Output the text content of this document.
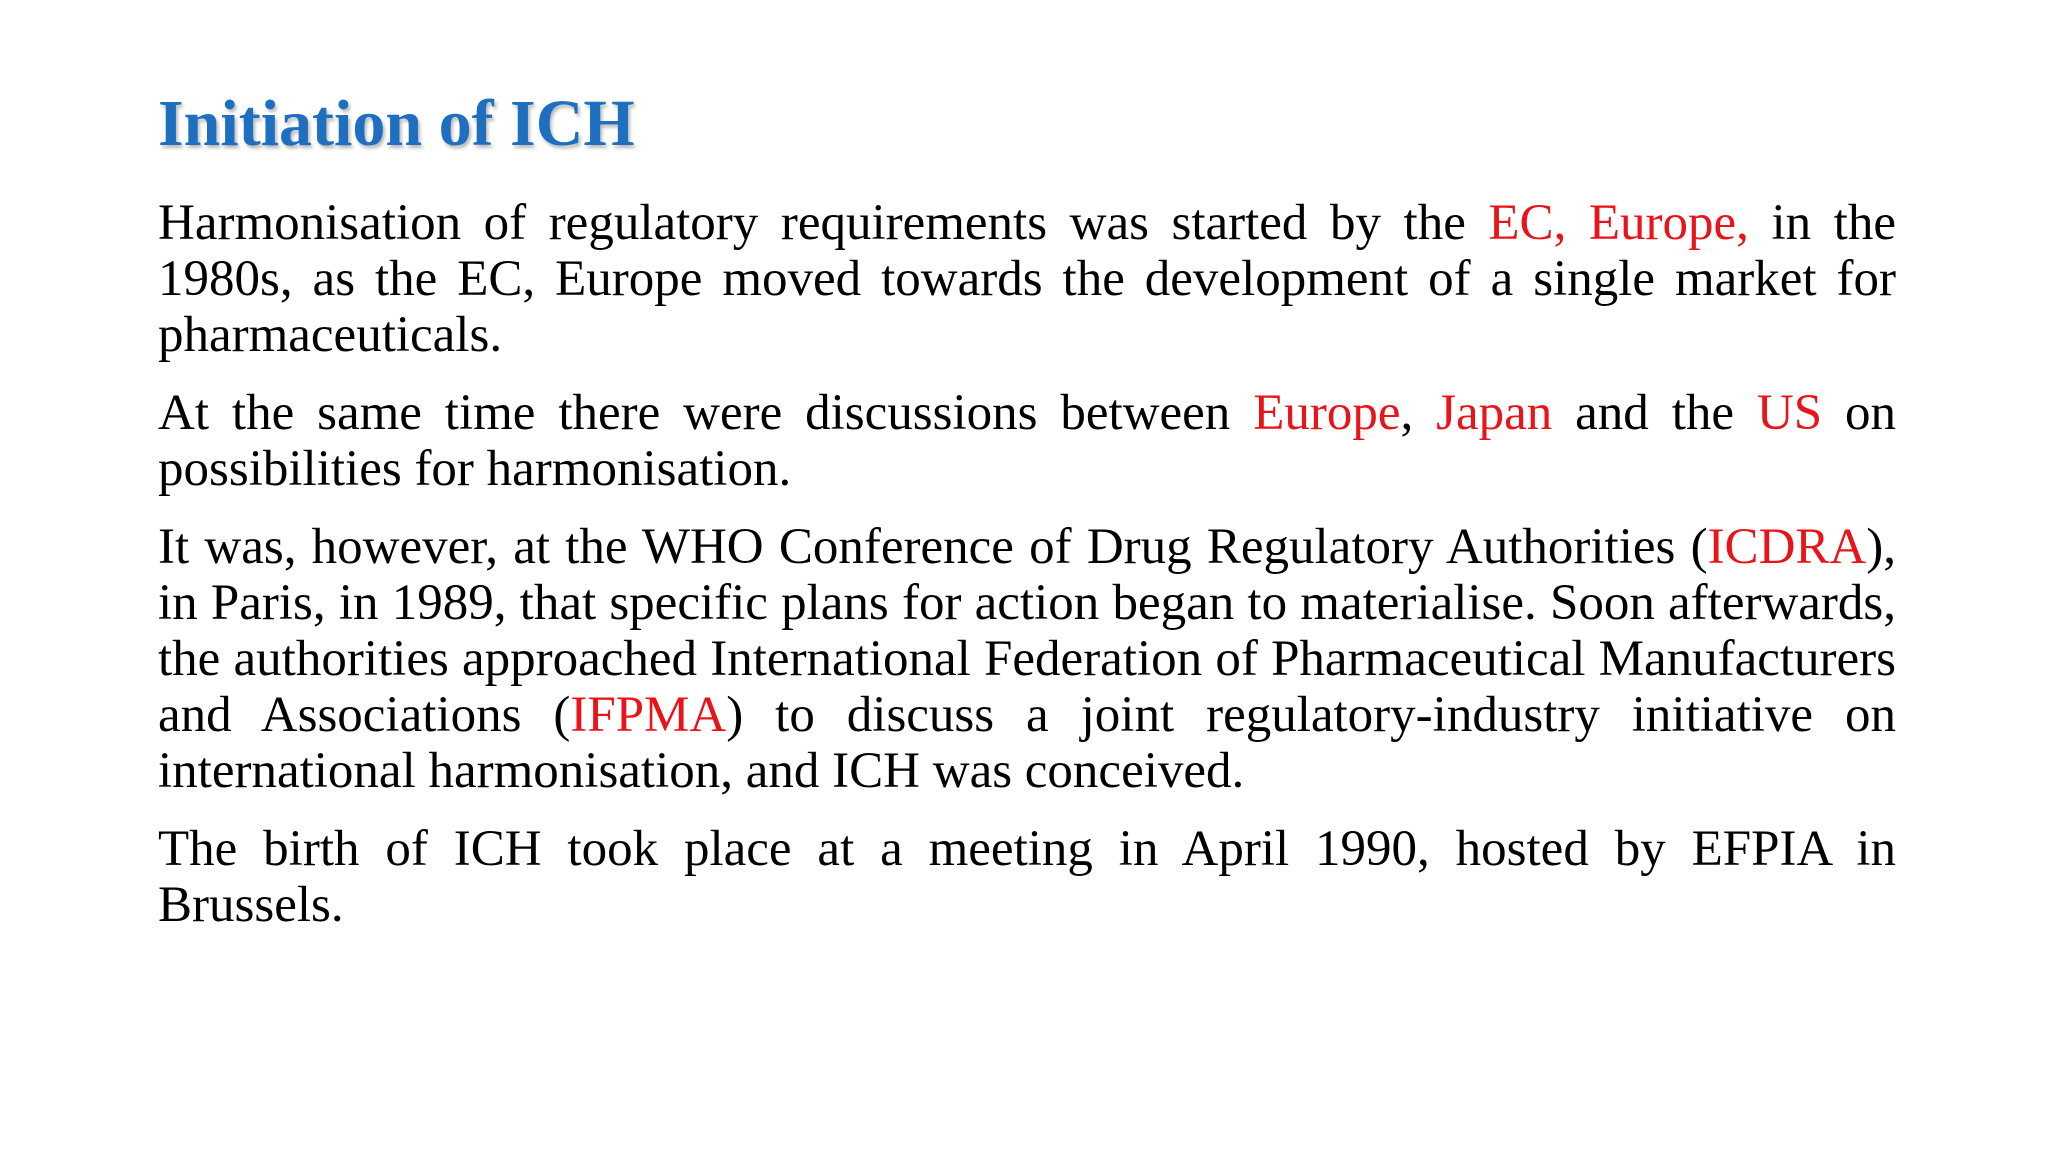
Initiation of ICH

Harmonisation of regulatory requirements was started by the EC, Europe, in the 1980s, as the EC, Europe moved towards the development of a single market for pharmaceuticals.

At the same time there were discussions between Europe, Japan and the US on possibilities for harmonisation.

It was, however, at the WHO Conference of Drug Regulatory Authorities (ICDRA), in Paris, in 1989, that specific plans for action began to materialise. Soon afterwards, the authorities approached International Federation of Pharmaceutical Manufacturers and Associations (IFPMA) to discuss a joint regulatory-industry initiative on international harmonisation, and ICH was conceived.

The birth of ICH took place at a meeting in April 1990, hosted by EFPIA in Brussels.
